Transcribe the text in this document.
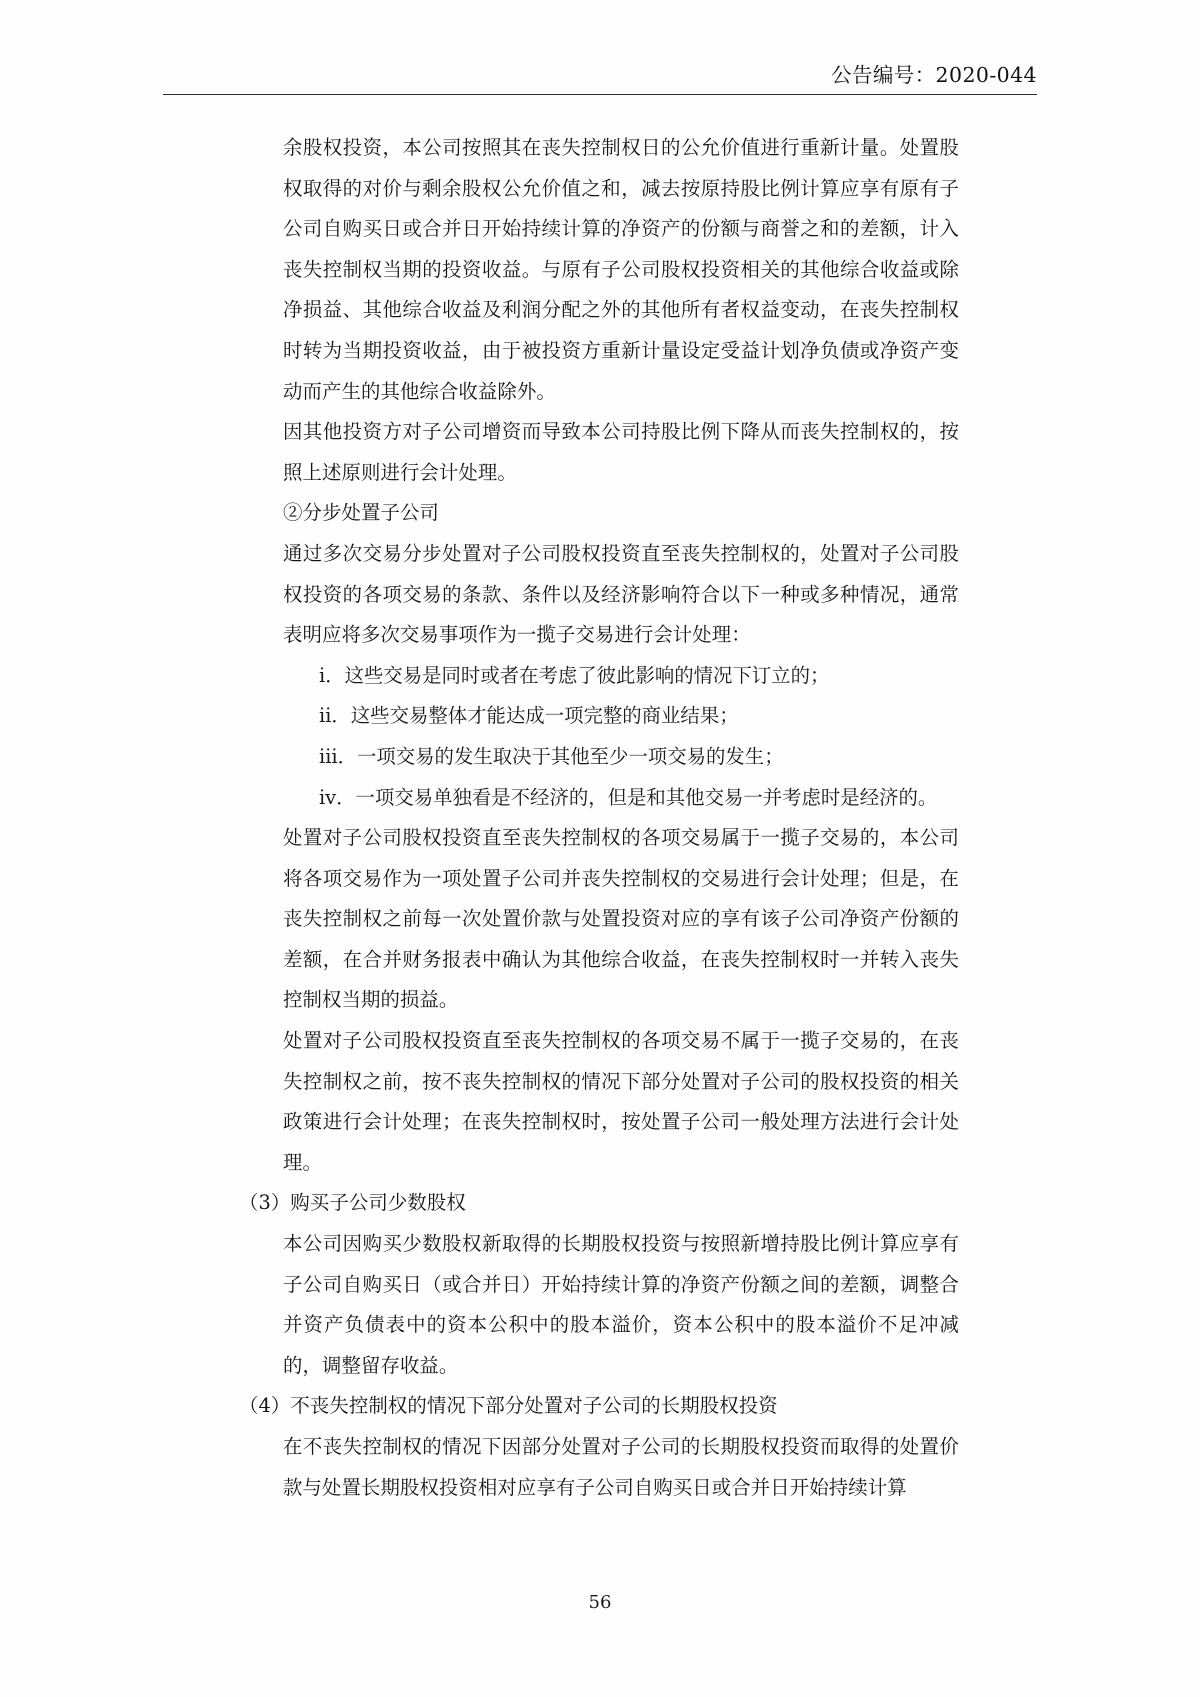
公告编号：2020-044

余股权投资，本公司按照其在丧失控制权日的公允价值进行重新计量。处置股权取得的对价与剩余股权公允价值之和，减去按原持股比例计算应享有原有子公司自购买日或合并日开始持续计算的净资产的份额与商誉之和的差额，计入丧失控制权当期的投资收益。与原有子公司股权投资相关的其他综合收益或除净损益、其他综合收益及利润分配之外的其他所有者权益变动，在丧失控制权时转为当期投资收益，由于被投资方重新计量设定受益计划净负债或净资产变动而产生的其他综合收益除外。

因其他投资方对子公司增资而导致本公司持股比例下降从而丧失控制权的，按照上述原则进行会计处理。

②分步处置子公司

通过多次交易分步处置对子公司股权投资直至丧失控制权的，处置对子公司股权投资的各项交易的条款、条件以及经济影响符合以下一种或多种情况，通常表明应将多次交易事项作为一揽子交易进行会计处理：

ⅰ． 这些交易是同时或者在考虑了彼此影响的情况下订立的；
ⅱ． 这些交易整体才能达成一项完整的商业结果；
ⅲ． 一项交易的发生取决于其他至少一项交易的发生；
ⅳ． 一项交易单独看是不经济的，但是和其他交易一并考虑时是经济的。

处置对子公司股权投资直至丧失控制权的各项交易属于一揽子交易的，本公司将各项交易作为一项处置子公司并丧失控制权的交易进行会计处理；但是，在丧失控制权之前每一次处置价款与处置投资对应的享有该子公司净资产份额的差额，在合并财务报表中确认为其他综合收益，在丧失控制权时一并转入丧失控制权当期的损益。

处置对子公司股权投资直至丧失控制权的各项交易不属于一揽子交易的，在丧失控制权之前，按不丧失控制权的情况下部分处置对子公司的股权投资的相关政策进行会计处理；在丧失控制权时，按处置子公司一般处理方法进行会计处理。

（3）购买子公司少数股权

本公司因购买少数股权新取得的长期股权投资与按照新增持股比例计算应享有子公司自购买日（或合并日）开始持续计算的净资产份额之间的差额，调整合并资产负债表中的资本公积中的股本溢价，资本公积中的股本溢价不足冲减的，调整留存收益。

（4）不丧失控制权的情况下部分处置对子公司的长期股权投资

在不丧失控制权的情况下因部分处置对子公司的长期股权投资而取得的处置价款与处置长期股权投资相对应享有子公司自购买日或合并日开始持续计算

56
